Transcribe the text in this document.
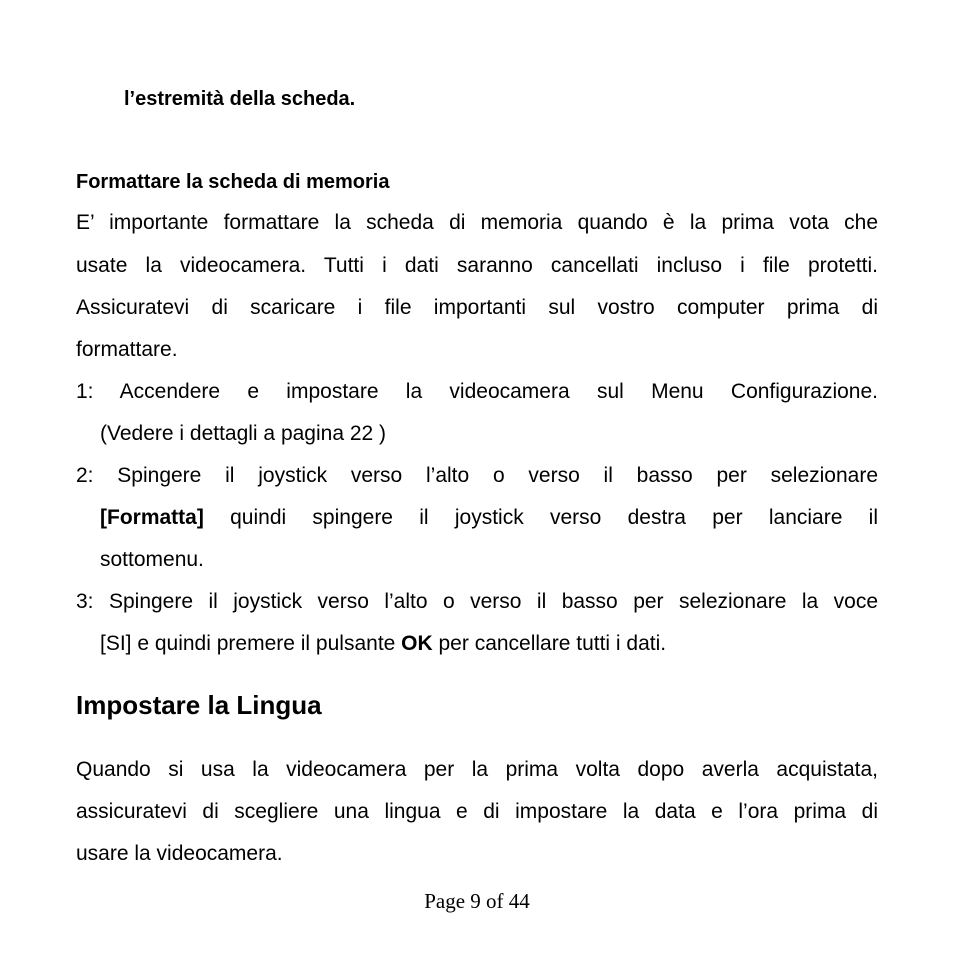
l’estremità della scheda.
Formattare la scheda di memoria
E’ importante formattare la scheda di memoria quando è la prima vota che
usate la videocamera. Tutti i dati saranno cancellati incluso i file protetti.
Assicuratevi di scaricare i file importanti sul vostro computer prima di
formattare.
1: Accendere e impostare la videocamera sul Menu Configurazione.
(Vedere i dettagli a pagina 22 )
2: Spingere il joystick verso l’alto o verso il basso per selezionare
[Formatta] quindi spingere il joystick verso destra per lanciare il
sottomenu.
3: Spingere il joystick verso l’alto o verso il basso per selezionare la voce
[SI] e quindi premere il pulsante OK per cancellare tutti i dati.
Impostare la Lingua
Quando si usa la videocamera per la prima volta dopo averla acquistata,
assicuratevi di scegliere una lingua e di impostare la data e l’ora prima di
usare la videocamera.
Page 9 of 44
